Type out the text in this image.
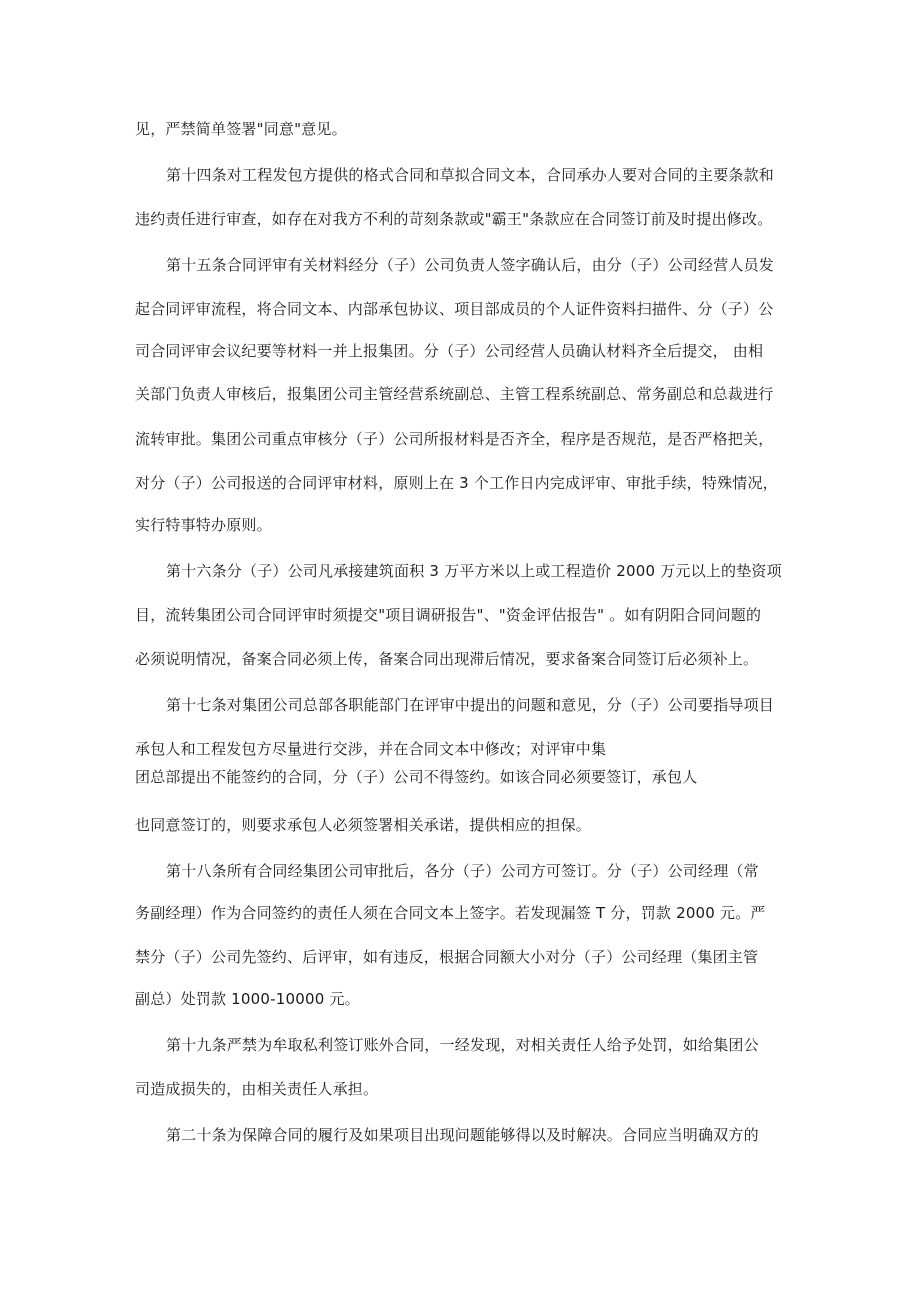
见，严禁简单签署"同意"意见。
第十四条对工程发包方提供的格式合同和草拟合同文本，合同承办人要对合同的主要条款和
违约责任进行审查，如存在对我方不利的苛刻条款或"霸王"条款应在合同签订前及时提出修改。
第十五条合同评审有关材料经分（子）公司负责人签字确认后，由分（子）公司经营人员发
起合同评审流程，将合同文本、内部承包协议、项目部成员的个人证件资料扫描件、分（子）公
司合同评审会议纪要等材料一并上报集团。分（子）公司经营人员确认材料齐全后提交， 由相
关部门负责人审核后，报集团公司主管经营系统副总、主管工程系统副总、常务副总和总裁进行
流转审批。集团公司重点审核分（子）公司所报材料是否齐全，程序是否规范，是否严格把关，
对分（子）公司报送的合同评审材料，原则上在 3 个工作日内完成评审、审批手续，特殊情况，
实行特事特办原则。
第十六条分（子）公司凡承接建筑面积 3 万平方米以上或工程造价 2000 万元以上的垫资项
目，流转集团公司合同评审时须提交"项目调研报告"、"资金评估报告" 。如有阴阳合同问题的
必须说明情况，备案合同必须上传，备案合同出现滞后情况，要求备案合同签订后必须补上。
第十七条对集团公司总部各职能部门在评审中提出的问题和意见，分（子）公司要指导项目
承包人和工程发包方尽量进行交涉，并在合同文本中修改；对评审中集
团总部提出不能签约的合同，分（子）公司不得签约。如该合同必须要签订，承包人
也同意签订的，则要求承包人必须签署相关承诺，提供相应的担保。
第十八条所有合同经集团公司审批后，各分（子）公司方可签订。分（子）公司经理（常
务副经理）作为合同签约的责任人须在合同文本上签字。若发现漏签 T 分，罚款 2000 元。严
禁分（子）公司先签约、后评审，如有违反，根据合同额大小对分（子）公司经理（集团主管
副总）处罚款 1000-10000 元。
第十九条严禁为牟取私利签订账外合同，一经发现，对相关责任人给予处罚，如给集团公
司造成损失的，由相关责任人承担。
第二十条为保障合同的履行及如果项目出现问题能够得以及时解决。合同应当明确双方的
